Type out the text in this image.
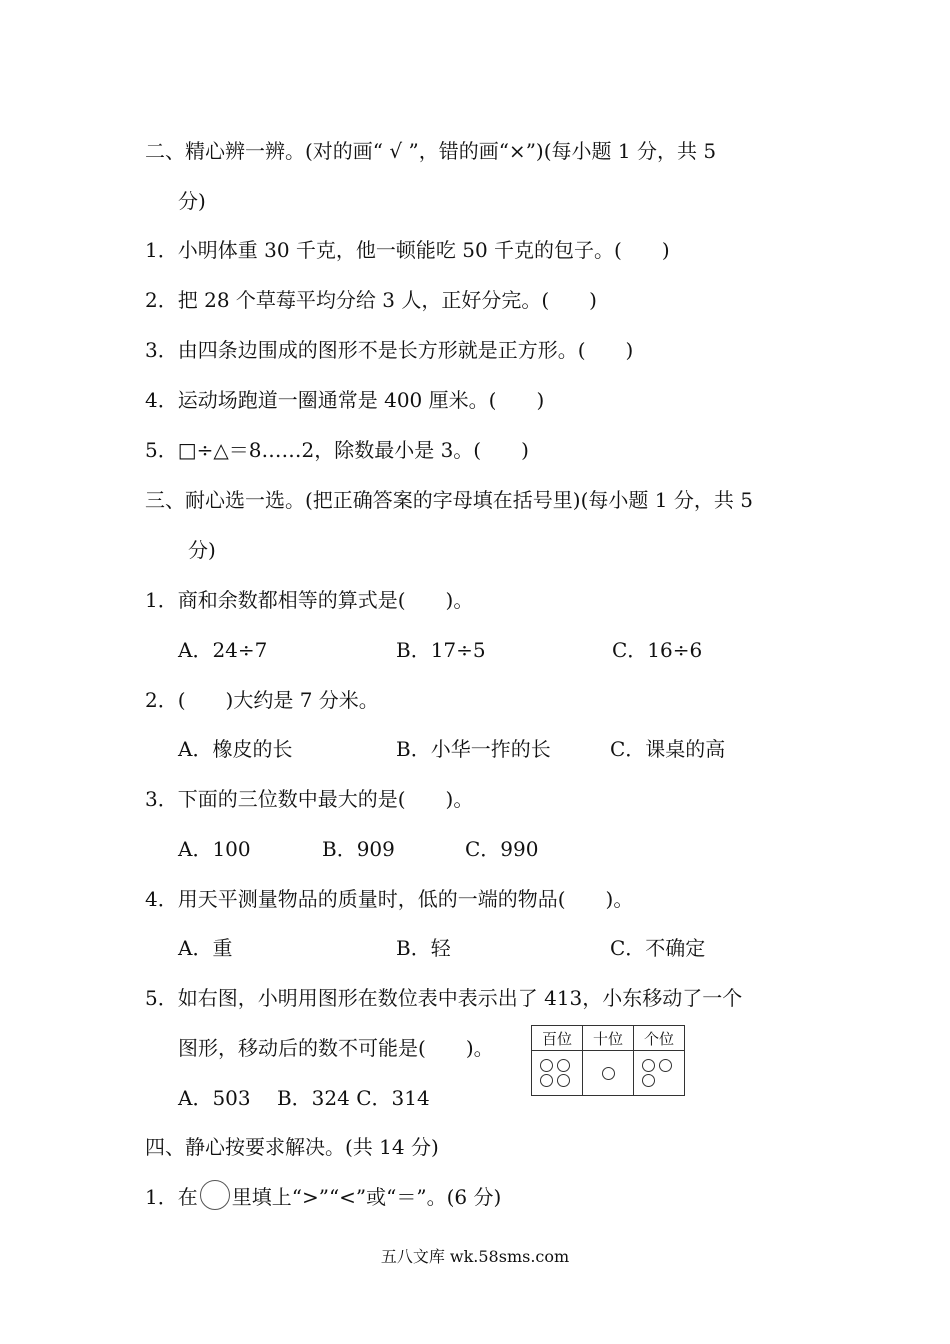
二、精心辨一辨。(对的画“ √ ”，错的画“×”)(每小题 1 分，共 5
分)
1．小明体重 30 千克，他一顿能吃 50 千克的包子。( )
2．把 28 个草莓平均分给 3 人，正好分完。( )
3．由四条边围成的图形不是长方形就是正方形。( )
4．运动场跑道一圈通常是 400 厘米。( )
5．□÷△＝8……2，除数最小是 3。( )
三、耐心选一选。(把正确答案的字母填在括号里)(每小题 1 分，共 5
分)
1．商和余数都相等的算式是( )。
A．24÷7	B．17÷5	C．16÷6
2．( )大约是 7 分米。
A．橡皮的长	B．小华一拃的长	C．课桌的高
3．下面的三位数中最大的是( )。
A．100	B．909	C．990
4．用天平测量物品的质量时，低的一端的物品( )。
A．重	B．轻	C．不确定
5．如右图，小明用图形在数位表中表示出了 413，小东移动了一个
图形，移动后的数不可能是( )。
A．503　 B．324 C．314
百位	十位	个位

四、静心按要求解决。(共 14 分)
1．在 里填上“>”“<”或“＝”。(6 分)
五八文库 wk.58sms.com
